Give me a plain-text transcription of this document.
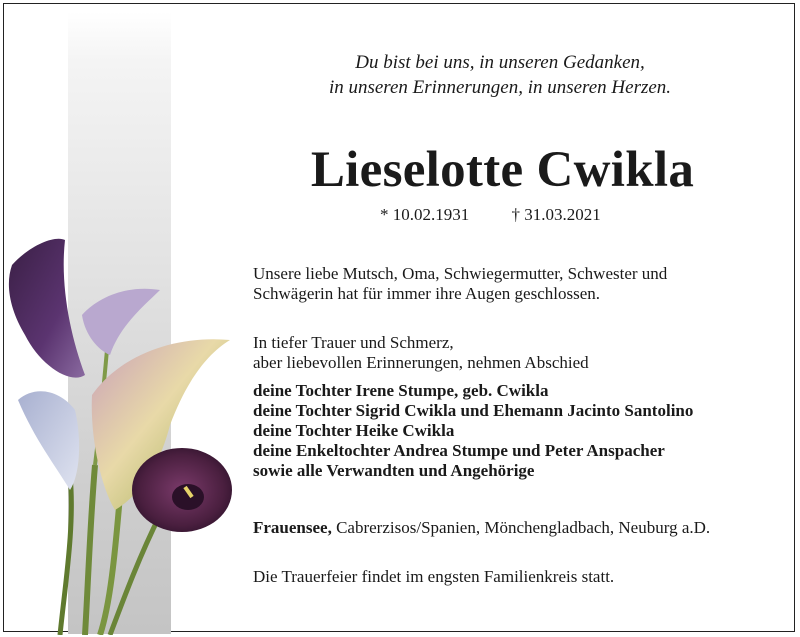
Du bist bei uns, in unseren Gedanken,
in unseren Erinnerungen, in unseren Herzen.
Lieselotte Cwikla
* 10.02.1931 † 31.03.2021
Unsere liebe Mutsch, Oma, Schwiegermutter, Schwester und
Schwägerin hat für immer ihre Augen geschlossen.
In tiefer Trauer und Schmerz,
aber liebevollen Erinnerungen, nehmen Abschied
deine Tochter Irene Stumpe, geb. Cwikla
deine Tochter Sigrid Cwikla und Ehemann Jacinto Santolino
deine Tochter Heike Cwikla
deine Enkeltochter Andrea Stumpe und Peter Anspacher
sowie alle Verwandten und Angehörige
Frauensee, Cabrerzisos/Spanien, Mönchengladbach, Neuburg a.D.
Die Trauerfeier findet im engsten Familienkreis statt.
